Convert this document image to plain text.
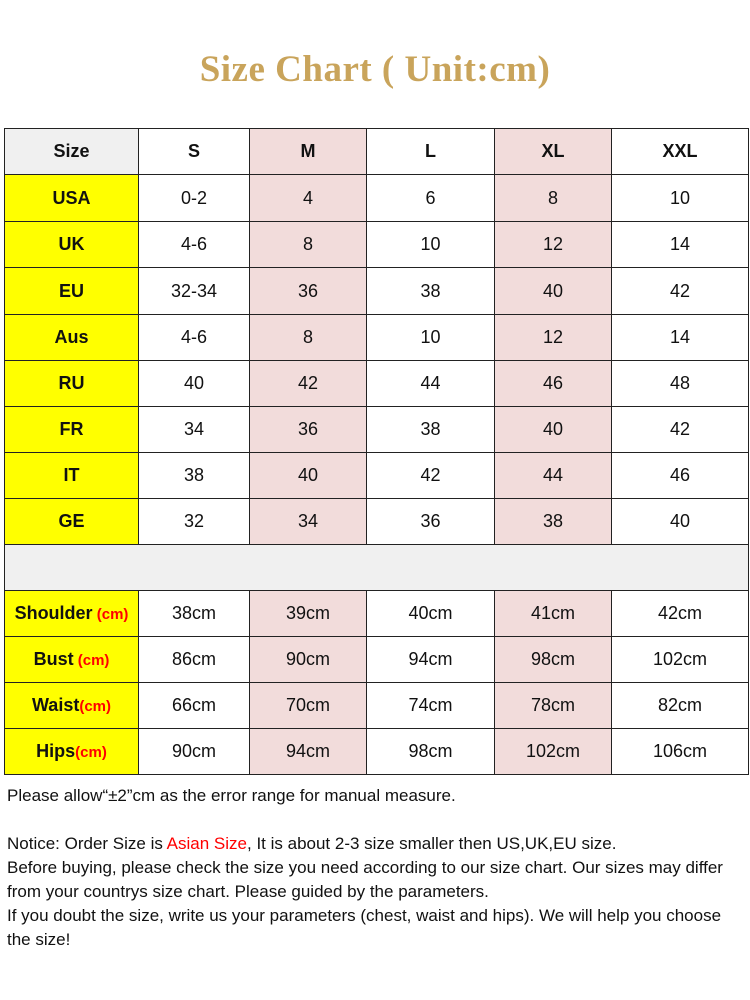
Size Chart ( Unit:cm)
Size	S	M	L	XL	XXL
USA	0-2	4	6	8	10
UK	4-6	8	10	12	14
EU	32-34	36	38	40	42
Aus	4-6	8	10	12	14
RU	40	42	44	46	48
FR	34	36	38	40	42
IT	38	40	42	44	46
GE	32	34	36	38	40

Shoulder (cm)	38cm	39cm	40cm	41cm	42cm
Bust (cm)	86cm	90cm	94cm	98cm	102cm
Waist(cm)	66cm	70cm	74cm	78cm	82cm
Hips(cm)	90cm	94cm	98cm	102cm	106cm
Please allow“±2”cm as the error range for manual measure.
Notice: Order Size is Asian Size, It is about 2-3 size smaller then US,UK,EU size.
Before buying, please check the size you need according to our size chart. Our sizes may differ from your countrys size chart. Please guided by the parameters.
If you doubt the size, write us your parameters (chest, waist and hips). We will help you choose the size!
